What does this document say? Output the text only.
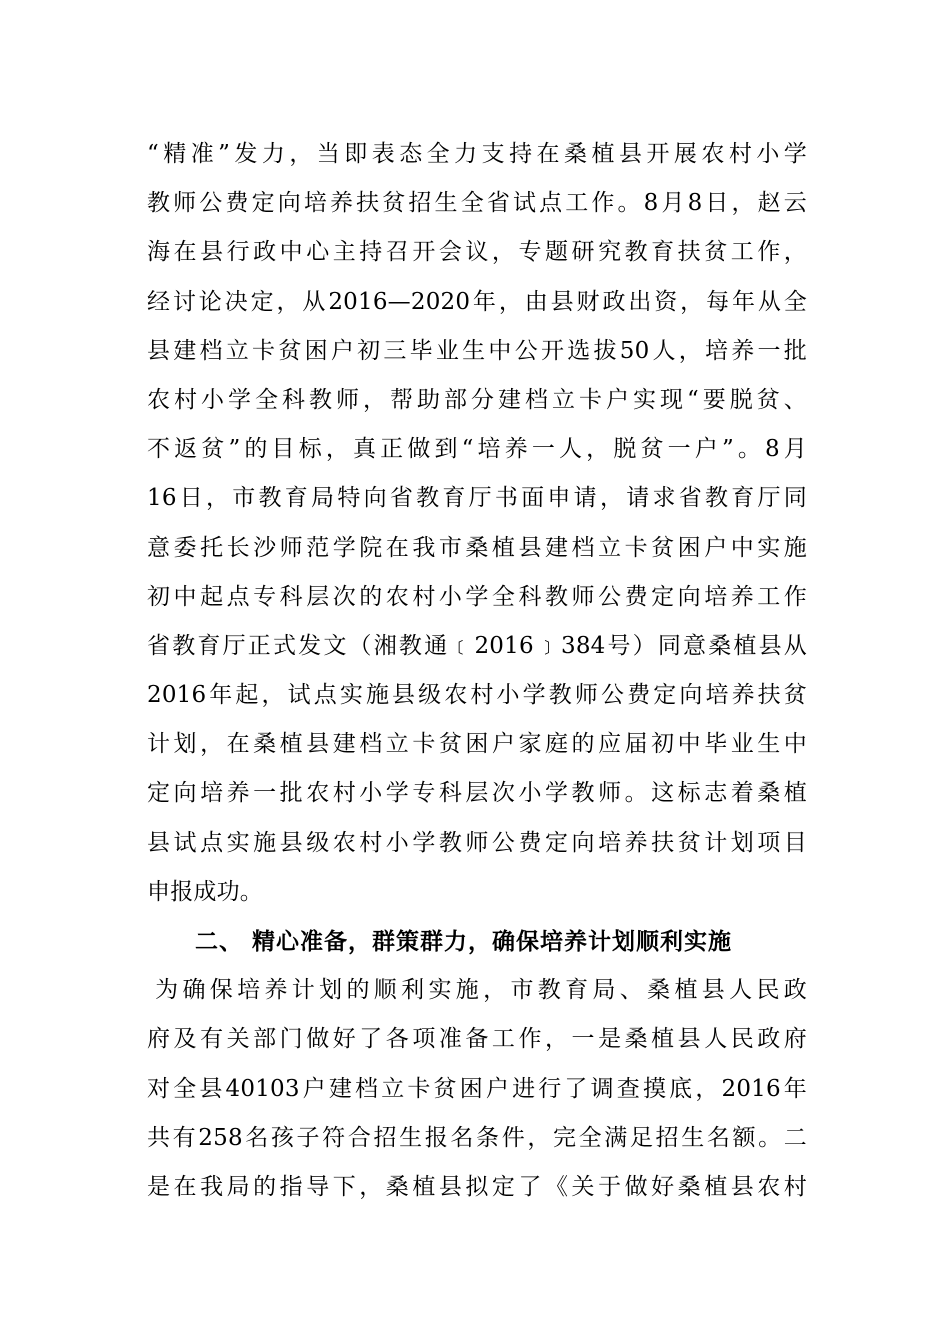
“精准”发力，当即表态全力支持在桑植县开展农村小学
教师公费定向培养扶贫招生全省试点工作。8月8日，赵云
海在县行政中心主持召开会议，专题研究教育扶贫工作，
经讨论决定，从2016—2020年，由县财政出资，每年从全
县建档立卡贫困户初三毕业生中公开选拔50人，培养一批
农村小学全科教师，帮助部分建档立卡户实现“要脱贫、
不返贫”的目标，真正做到“培养一人，脱贫一户”。8月
16日，市教育局特向省教育厅书面申请，请求省教育厅同
意委托长沙师范学院在我市桑植县建档立卡贫困户中实施
初中起点专科层次的农村小学全科教师公费定向培养工作
省教育厅正式发文（湘教通﹝2016﹞384号）同意桑植县从
2016年起，试点实施县级农村小学教师公费定向培养扶贫
计划，在桑植县建档立卡贫困户家庭的应届初中毕业生中
定向培养一批农村小学专科层次小学教师。这标志着桑植
县试点实施县级农村小学教师公费定向培养扶贫计划项目
申报成功。
二、 精心准备，群策群力，确保培养计划顺利实施
为确保培养计划的顺利实施，市教育局、桑植县人民政
府及有关部门做好了各项准备工作，一是桑植县人民政府
对全县40103户建档立卡贫困户进行了调查摸底，2016年
共有258名孩子符合招生报名条件，完全满足招生名额。二
是在我局的指导下，桑植县拟定了《关于做好桑植县农村
